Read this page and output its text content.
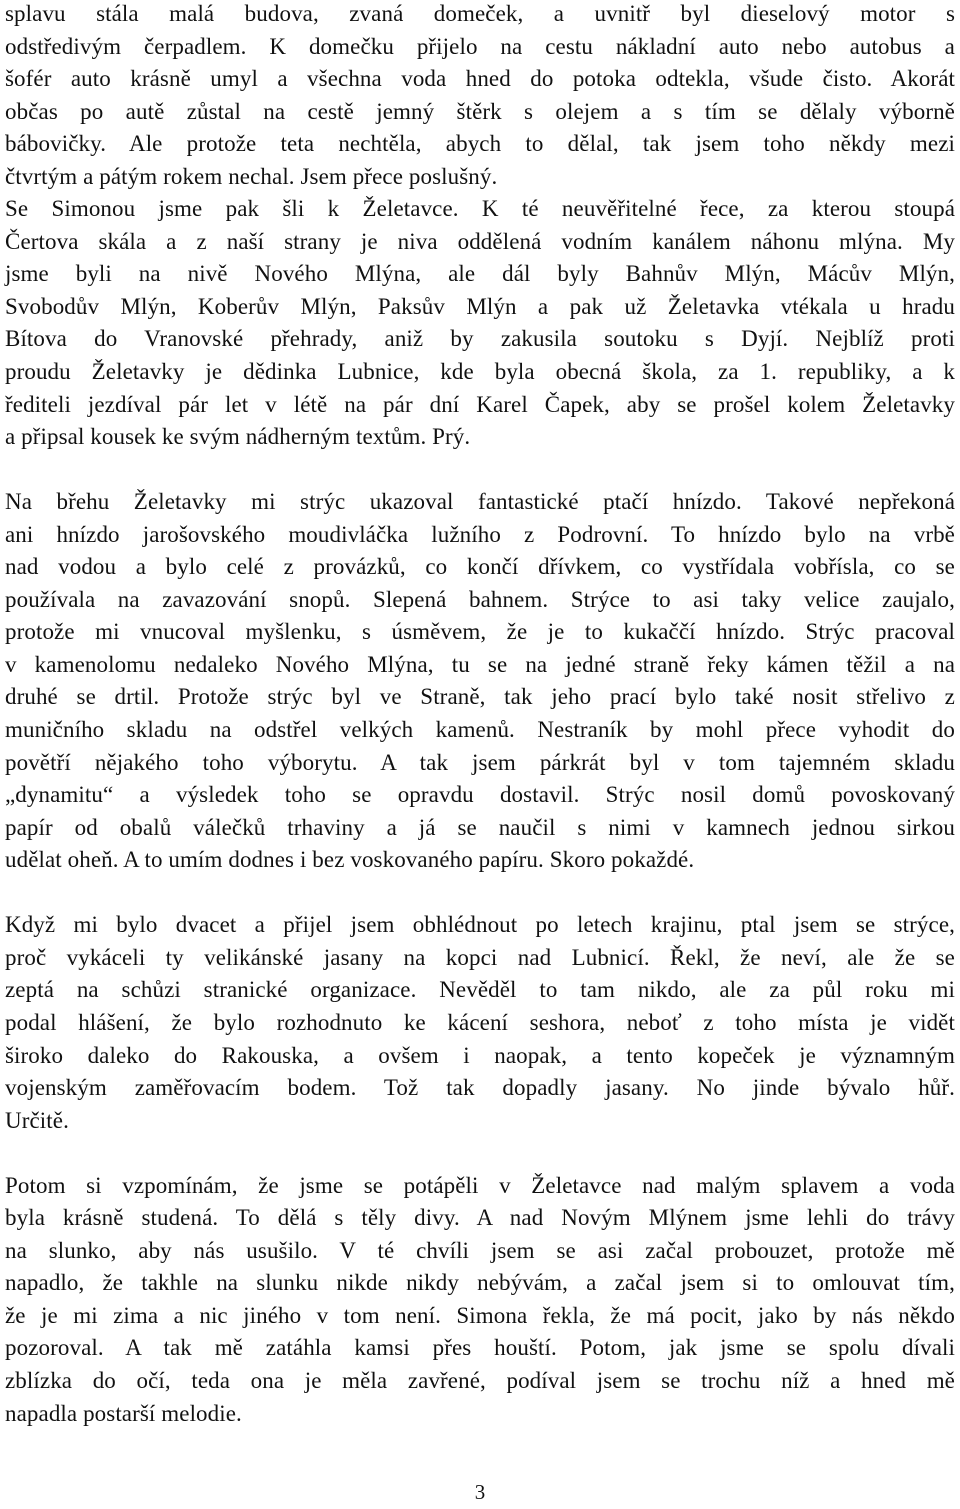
splavu stála malá budova, zvaná domeček, a uvnitř byl dieselový motor s
odstředivým čerpadlem. K domečku přijelo na cestu nákladní auto nebo autobus a
šofér auto krásně umyl a všechna voda hned do potoka odtekla, všude čisto. Akorát
občas po autě zůstal na cestě jemný štěrk s olejem a s tím se dělaly výborně
bábovičky. Ale protože teta nechtěla, abych to dělal, tak jsem toho někdy mezi
čtvrtým a pátým rokem nechal. Jsem přece poslušný.
Se Simonou jsme pak šli k Želetavce. K té neuvěřitelné řece, za kterou stoupá
Čertova skála a z naší strany je niva oddělená vodním kanálem náhonu mlýna. My
jsme byli na nivě Nového Mlýna, ale dál byly Bahnův Mlýn, Mácův Mlýn,
Svobodův Mlýn, Koberův Mlýn, Paksův Mlýn a pak už Želetavka vtékala u hradu
Bítova do Vranovské přehrady, aniž by zakusila soutoku s Dyjí. Nejblíž proti
proudu Želetavky je dědinka Lubnice, kde byla obecná škola, za 1. republiky, a k
řediteli jezdíval pár let v létě na pár dní Karel Čapek, aby se prošel kolem Želetavky
a připsal kousek ke svým nádherným textům. Prý.
Na břehu Želetavky mi strýc ukazoval fantastické ptačí hnízdo. Takové nepřekoná
ani hnízdo jarošovského moudivláčka lužního z Podrovní. To hnízdo bylo na vrbě
nad vodou a bylo celé z provázků, co končí dřívkem, co vystřídala vobřísla, co se
používala na zavazování snopů. Slepená bahnem. Strýce to asi taky velice zaujalo,
protože mi vnucoval myšlenku, s úsměvem, že je to kukaččí hnízdo. Strýc pracoval
v kamenolomu nedaleko Nového Mlýna, tu se na jedné straně řeky kámen těžil a na
druhé se drtil. Protože strýc byl ve Straně, tak jeho prací bylo také nosit střelivo z
muničního skladu na odstřel velkých kamenů. Nestraník by mohl přece vyhodit do
povětří nějakého toho výborytu. A tak jsem párkrát byl v tom tajemném skladu
„dynamitu“ a výsledek toho se opravdu dostavil. Strýc nosil domů povoskovaný
papír od obalů válečků trhaviny a já se naučil s nimi v kamnech jednou sirkou
udělat oheň. A to umím dodnes i bez voskovaného papíru. Skoro pokaždé.
Když mi bylo dvacet a přijel jsem obhlédnout po letech krajinu, ptal jsem se strýce,
proč vykáceli ty velikánské jasany na kopci nad Lubnicí. Řekl, že neví, ale že se
zeptá na schůzi stranické organizace. Nevěděl to tam nikdo, ale za půl roku mi
podal hlášení, že bylo rozhodnuto ke kácení seshora, neboť z toho místa je vidět
široko daleko do Rakouska, a ovšem i naopak, a tento kopeček je významným
vojenským zaměřovacím bodem. Tož tak dopadly jasany. No jinde bývalo hůř.
Určitě.
Potom si vzpomínám, že jsme se potápěli v Želetavce nad malým splavem a voda
byla krásně studená. To dělá s těly divy. A nad Novým Mlýnem jsme lehli do trávy
na slunko, aby nás usušilo. V té chvíli jsem se asi začal probouzet, protože mě
napadlo, že takhle na slunku nikde nikdy nebývám, a začal jsem si to omlouvat tím,
že je mi zima a nic jiného v tom není. Simona řekla, že má pocit, jako by nás někdo
pozoroval. A tak mě zatáhla kamsi přes houští. Potom, jak jsme se spolu dívali
zblízka do očí, teda ona je měla zavřené, podíval jsem se trochu níž a hned mě
napadla postarší melodie.
3
